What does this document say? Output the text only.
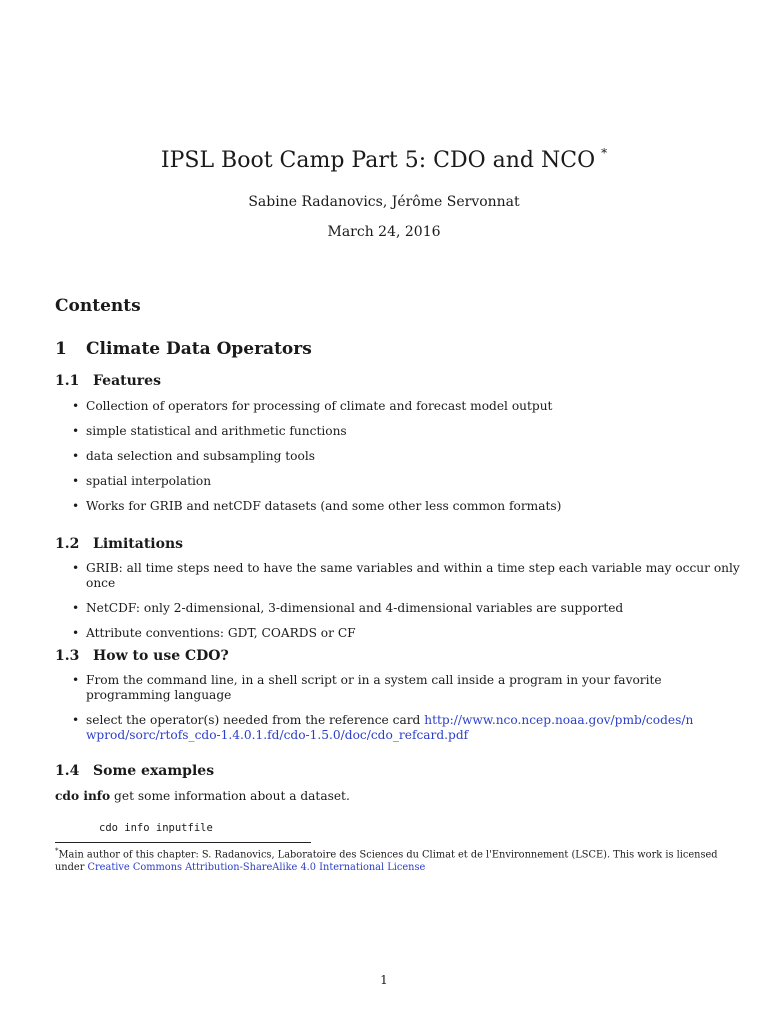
IPSL Boot Camp Part 5: CDO and NCO *
Sabine Radanovics, Jérôme Servonnat
March 24, 2016
Contents
1 Climate Data Operators
1.1 Features
• Collection of operators for processing of climate and forecast model output
• simple statistical and arithmetic functions
• data selection and subsampling tools
• spatial interpolation
• Works for GRIB and netCDF datasets (and some other less common formats)
1.2 Limitations
• GRIB: all time steps need to have the same variables and within a time step each variable may occur only once
• NetCDF: only 2-dimensional, 3-dimensional and 4-dimensional variables are supported
• Attribute conventions: GDT, COARDS or CF
1.3 How to use CDO?
• From the command line, in a shell script or in a system call inside a program in your favorite programming language
• select the operator(s) needed from the reference card http://www.nco.ncep.noaa.gov/pmb/codes/nwprod/sorc/rtofs_cdo-1.4.0.1.fd/cdo-1.5.0/doc/cdo_refcard.pdf
1.4 Some examples
cdo info get some information about a dataset.
cdo info inputfile
*Main author of this chapter: S. Radanovics, Laboratoire des Sciences du Climat et de l'Environnement (LSCE). This work is licensed under Creative Commons Attribution-ShareAlike 4.0 International License
1
